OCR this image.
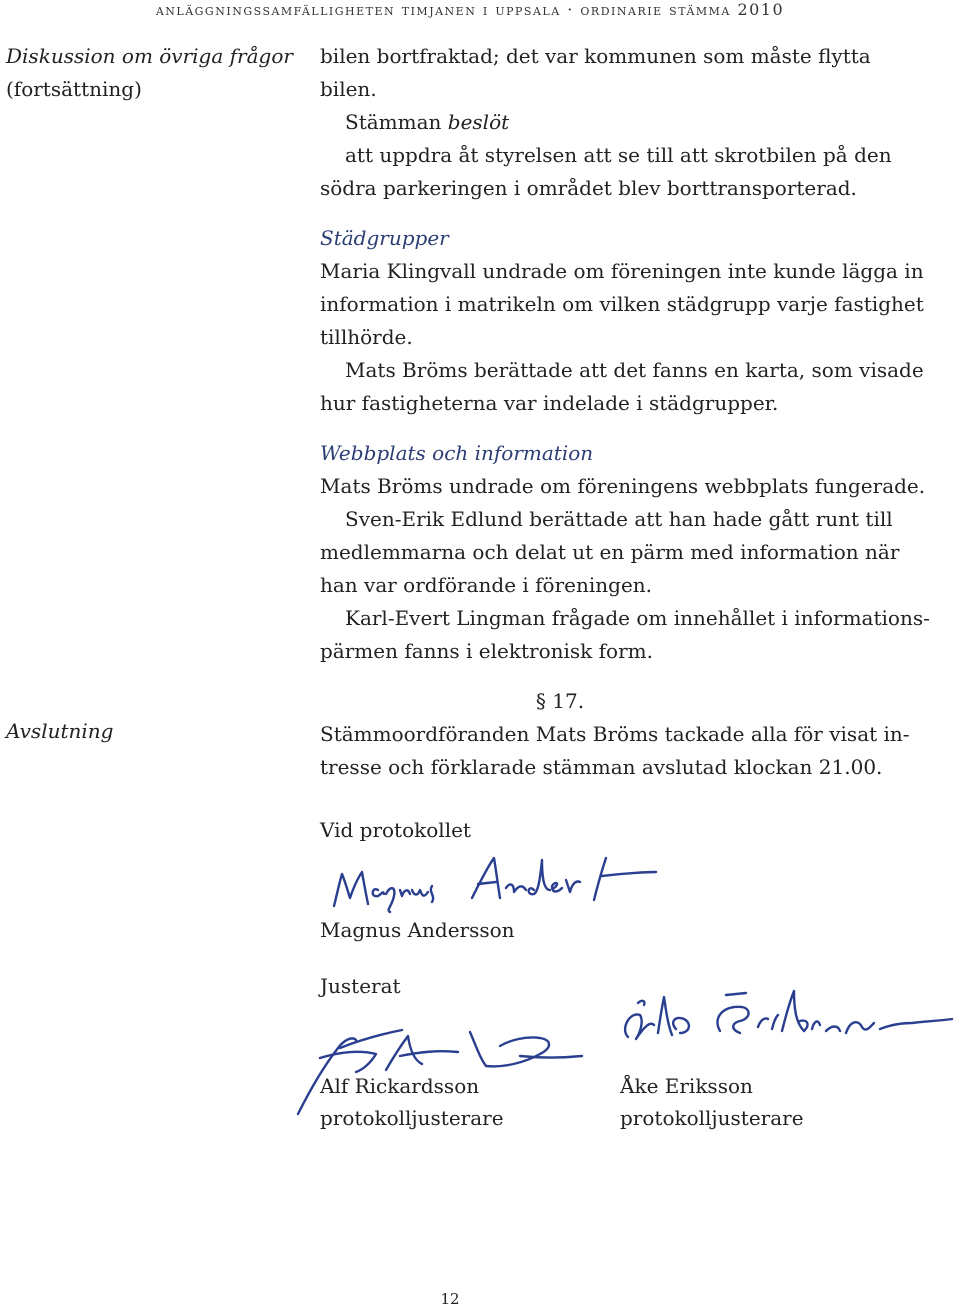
anläggningssamfälligheten timjanen i uppsala · ordinarie stämma 2010
Diskussion om övriga frågor
(fortsättning)
Avslutning

bilen bortfraktad; det var kommunen som måste flytta bilen.

Stämman beslöt

att uppdra åt styrelsen att se till att skrotbilen på den södra parkeringen i området blev borttransporterad.

Städgrupper

Maria Klingvall undrade om föreningen inte kunde lägga in information i matrikeln om vilken städgrupp varje fastighet tillhörde.

Mats Bröms berättade att det fanns en karta, som visade hur fastigheterna var indelade i städgrupper.

Webbplats och information

Mats Bröms undrade om föreningens webbplats fungerade.

Sven-Erik Edlund berättade att han hade gått runt till medlemmarna och delat ut en pärm med information när han var ordförande i föreningen.

Karl-Evert Lingman frågade om innehållet i informations-pärmen fanns i elektronisk form.

§ 17.

Stämmoordföranden Mats Bröms tackade alla för visat in-tresse och förklarade stämman avslutad klockan 21.00.

Vid protokollet
Magnus Andersson
Justerat
Alf Rickardsson
protokolljusterare
Åke Eriksson
protokolljusterare
12
